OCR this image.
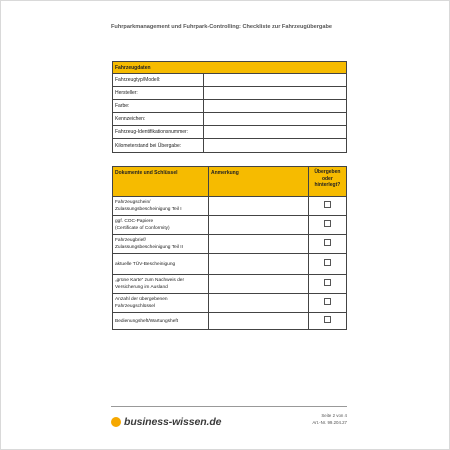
Fuhrparkmanagement und Fuhrpark-Controlling: Checkliste zur Fahrzeugübergabe
Fahrzeugdaten	
Fahrzeugtyp/Modell:	
Hersteller:	
Farbe:	
Kennzeichen:	
Fahrzeug-Identifikationsnummer:	
Kilometerstand bei Übergabe:	
Dokumente und Schlüssel	Anmerkung	Übergeben
oder
hinterlegt?

Fahrzeugschein/
Zulassungsbescheinigung Teil I		

ggf. COC-Papiere
(Certificate of Conformity)		

Fahrzeugbrief/
Zulassungsbescheinigung Teil II		

aktuelle TÜV-Bescheinigung		

„grüne Karte“ zum Nachweis der
Versicherung im Ausland		

Anzahl der übergebenen
Fahrzeugschlüssel		

Bedienungsheft/Wartungsheft		

business-wissen.de
Seite 2 von 4
Art.-Nr. 99.204.27
